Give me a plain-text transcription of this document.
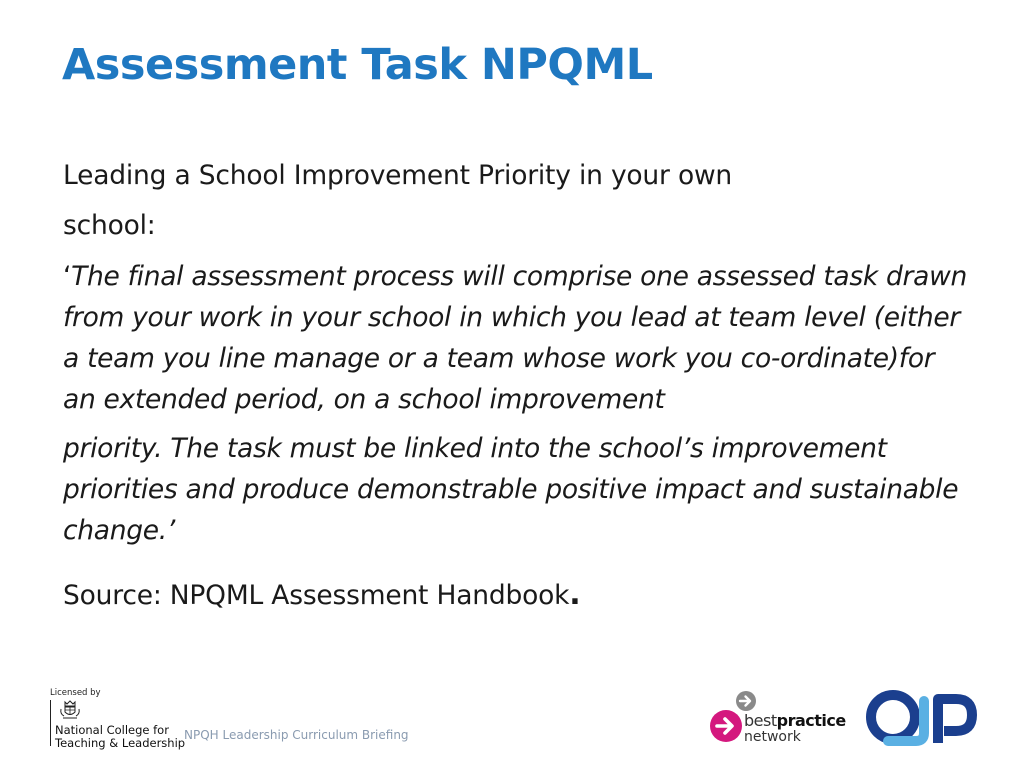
Assessment Task NPQML

Leading a School Improvement Priority in your own

school:

‘The final assessment process will comprise one assessed task drawn from your work in your school in which you lead at team level (either a team you line manage or a team whose work you co-ordinate)for an extended period, on a school improvement

priority. The task must be linked into the school’s improvement priorities and produce demonstrable positive impact and sustainable change.’

Source: NPQML Assessment Handbook.
Licensed by
National College for
Teaching & Leadership
NPQH Leadership Curriculum Briefing
bestpractice
network
